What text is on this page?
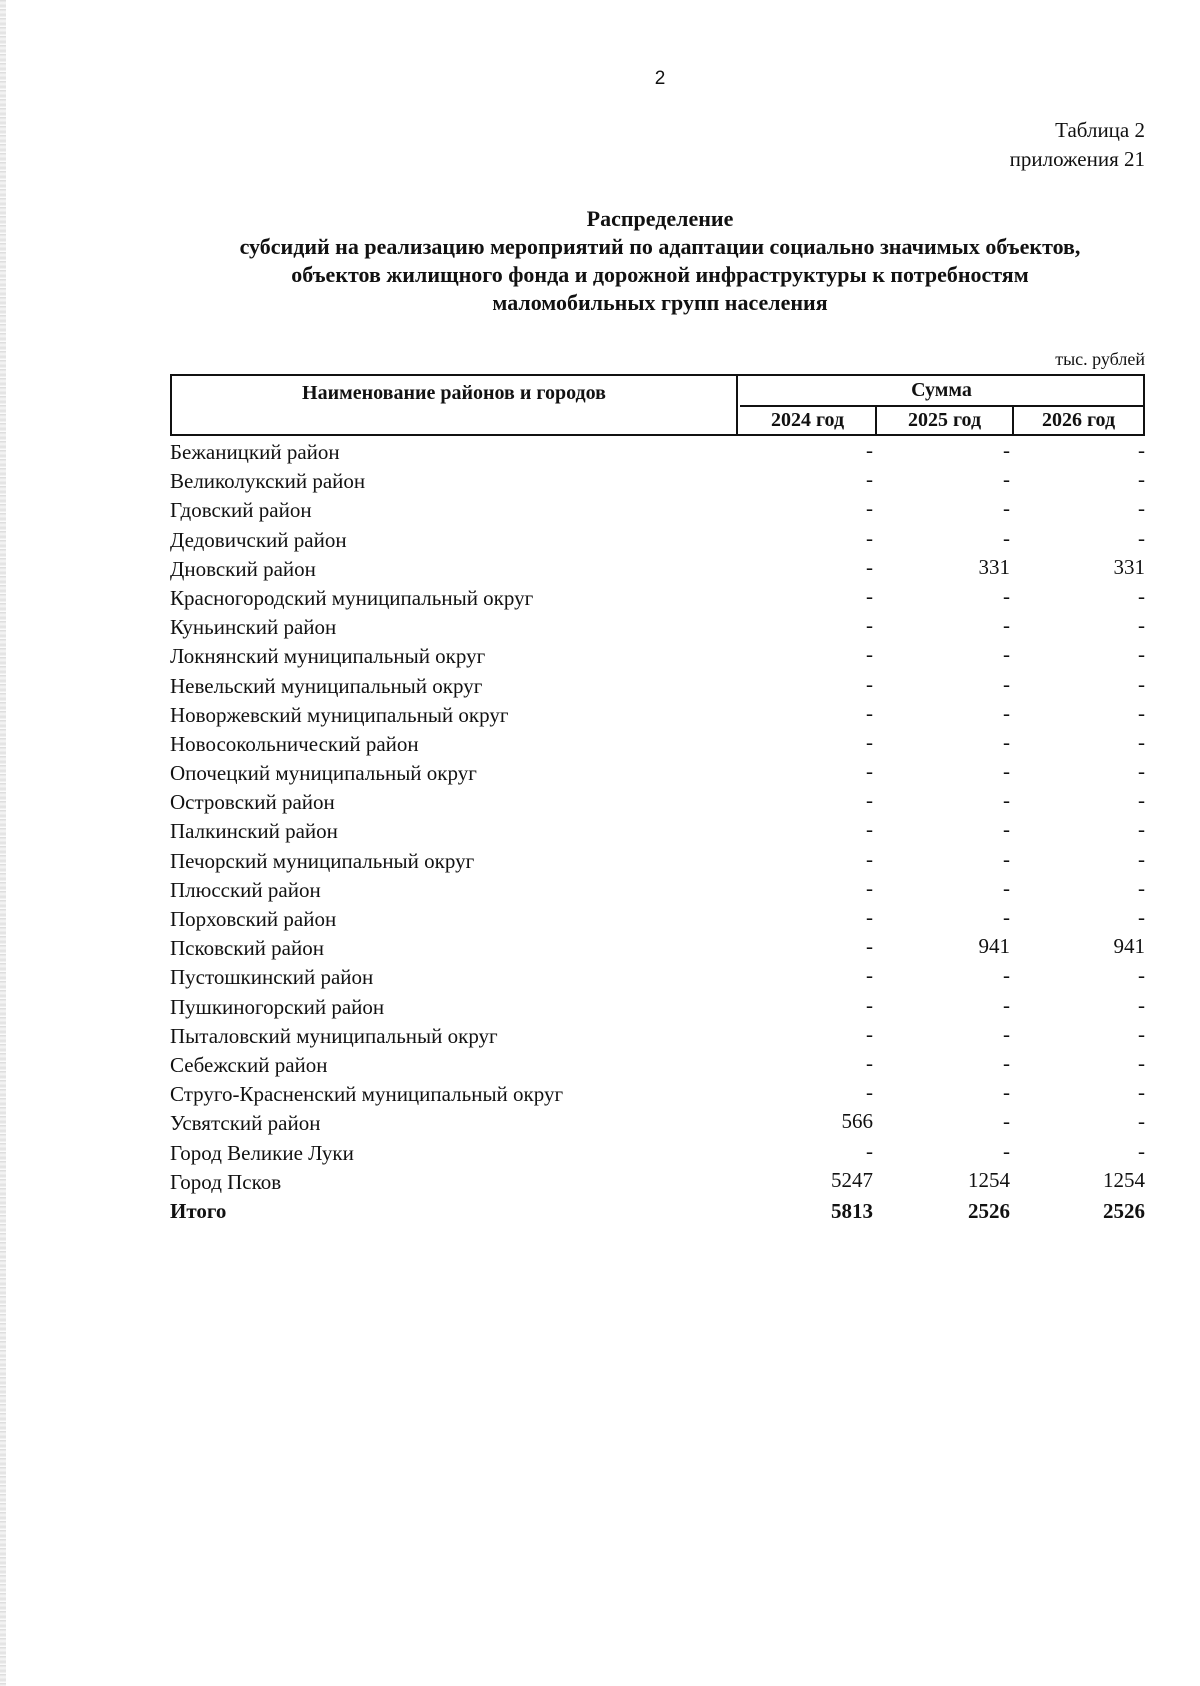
2
Таблица 2
приложения 21
Распределение
субсидий на реализацию мероприятий по адаптации социально значимых объектов,
объектов жилищного фонда и дорожной инфраструктуры к потребностям
маломобильных групп населения
тыс. рублей
Наименование районов и городов	Сумма
2024 год	2025 год	2026 год
Бежаницкий район	-	-	-
Великолукский район	-	-	-
Гдовский район	-	-	-
Дедовичский район	-	-	-
Дновский район	-	331	331
Красногородский муниципальный округ	-	-	-
Куньинский район	-	-	-
Локнянский муниципальный округ	-	-	-
Невельский муниципальный округ	-	-	-
Новоржевский муниципальный округ	-	-	-
Новосокольнический район	-	-	-
Опочецкий муниципальный округ	-	-	-
Островский район	-	-	-
Палкинский район	-	-	-
Печорский муниципальный округ	-	-	-
Плюсский район	-	-	-
Порховский район	-	-	-
Псковский район	-	941	941
Пустошкинский район	-	-	-
Пушкиногорский район	-	-	-
Пыталовский муниципальный округ	-	-	-
Себежский район	-	-	-
Струго-Красненский муниципальный округ	-	-	-
Усвятский район	566	-	-
Город Великие Луки	-	-	-
Город Псков	5247	1254	1254
Итого	5813	2526	2526
